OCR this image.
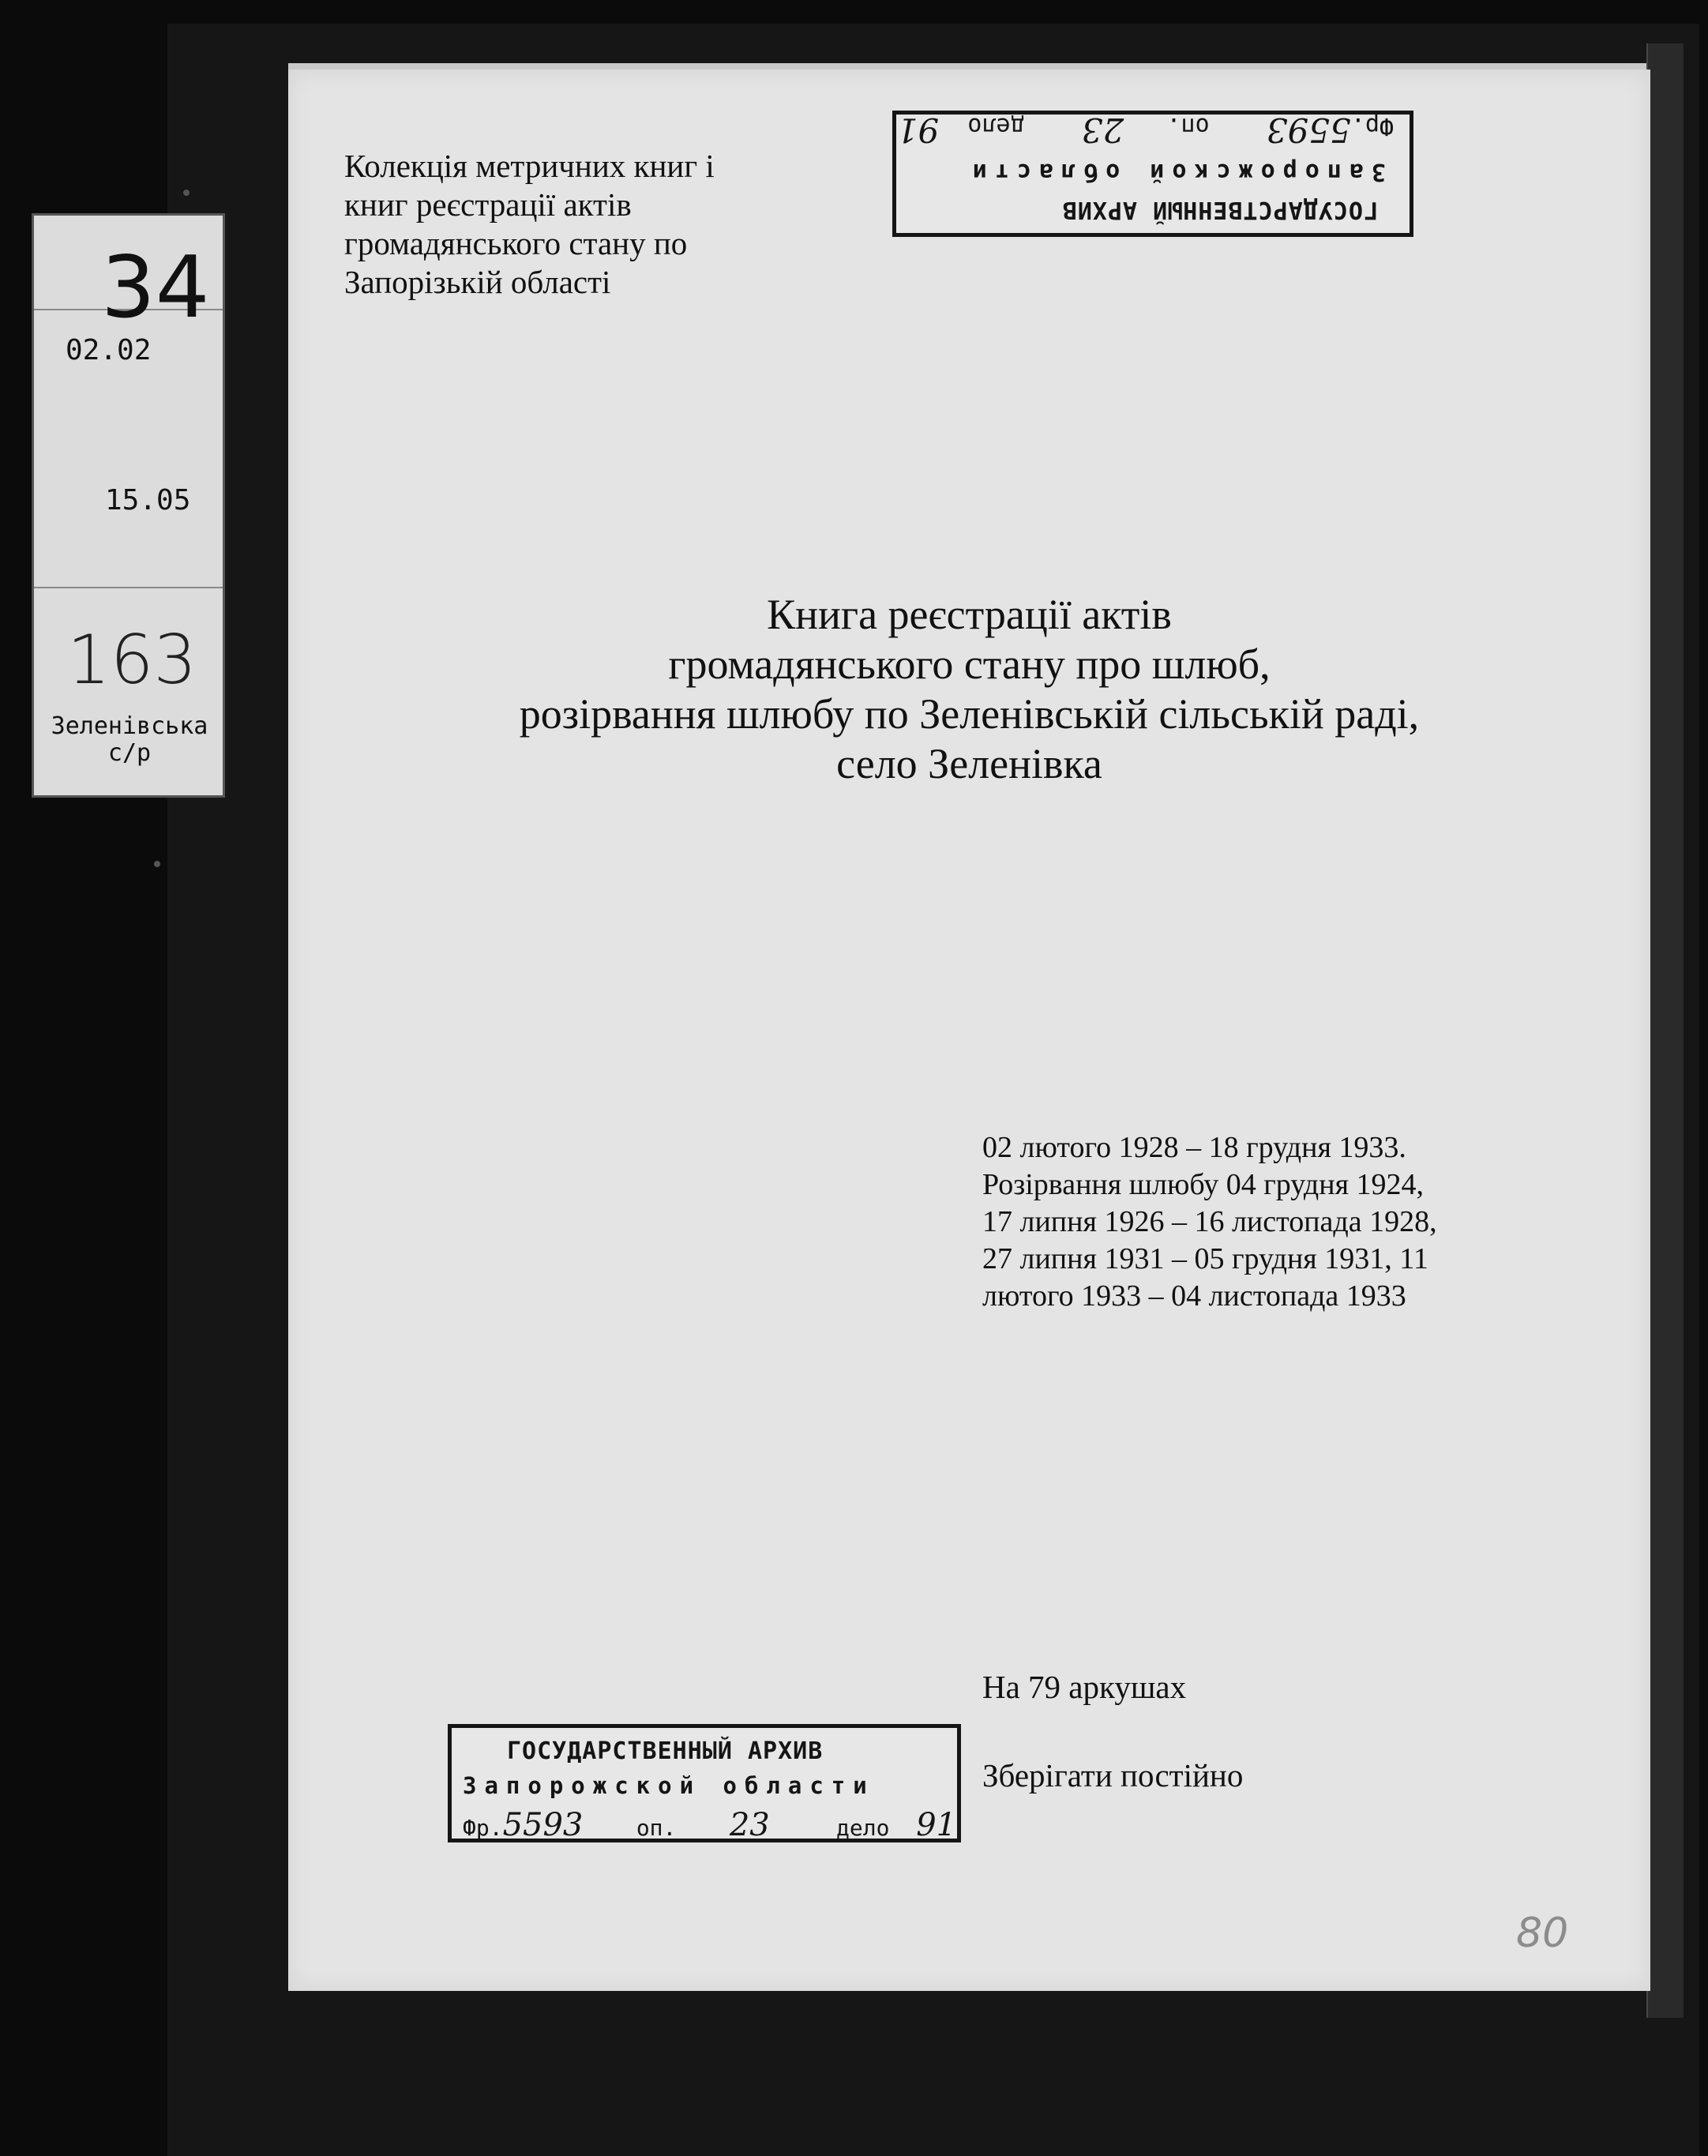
34
02.02
15.05
163
Зеленівська
с/р
Колекція метричних книг і
книг реєстрації актів
громадянського стану по
Запорізькій області
ГОСУДАРСТВЕННЫЙ АРХИВ
Запорожской области
Фр.5593    оп.   23    дело  91
Книга реєстрації актів
громадянського стану про шлюб,
розірвання шлюбу по Зеленівській сільській раді,
село Зеленівка
02 лютого 1928 – 18 грудня 1933.
Розірвання шлюбу 04 грудня 1924,
17 липня 1926 – 16 листопада 1928,
27 липня 1931 – 05 грудня 1931, 11
лютого 1933 – 04 листопада 1933
На 79 аркушах
Зберігати постійно
ГОСУДАРСТВЕННЫЙ АРХИВ
Запорожской области
Фр.5593 оп. 23	дело 91
80
